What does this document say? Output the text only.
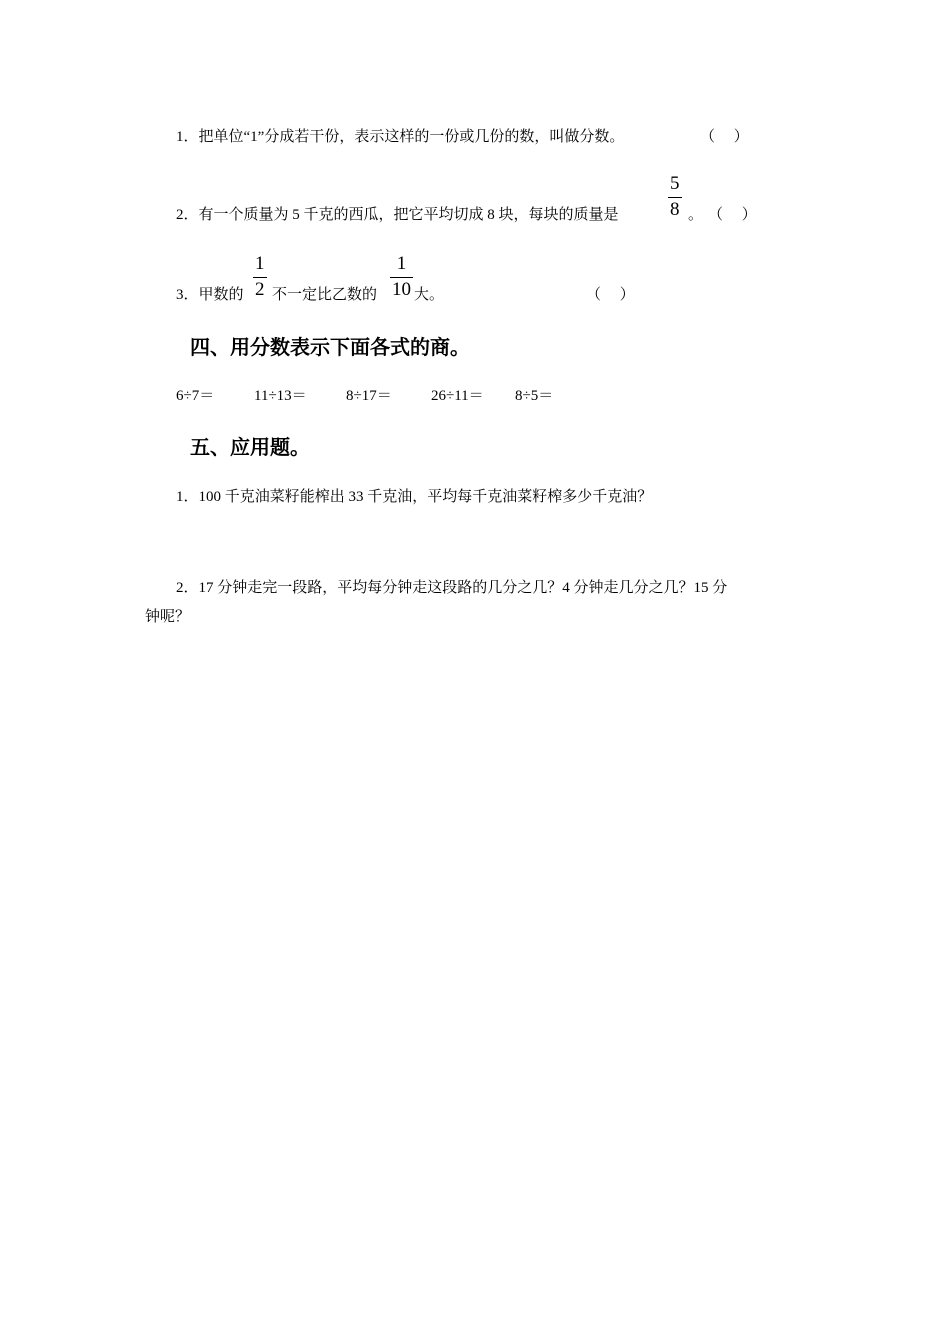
1．把单位“1”分成若干份，表示这样的一份或几份的数，叫做分数。	（　 ）
2．有一个质量为 5 千克的西瓜，把它平均切成 8 块，每块的质量是
5
8 。 （　 ）
3．甲数的
1
2 不一定比乙数的
1
10 大。	（　 ）
四、用分数表示下面各式的商。
6÷7＝	11÷13＝	8÷17＝	26÷11＝ 8÷5＝
五、应用题。
1．100 千克油菜籽能榨出 33 千克油，平均每千克油菜籽榨多少千克油？
2．17 分钟走完一段路，平均每分钟走这段路的几分之几？4 分钟走几分之几？15 分
钟呢？
